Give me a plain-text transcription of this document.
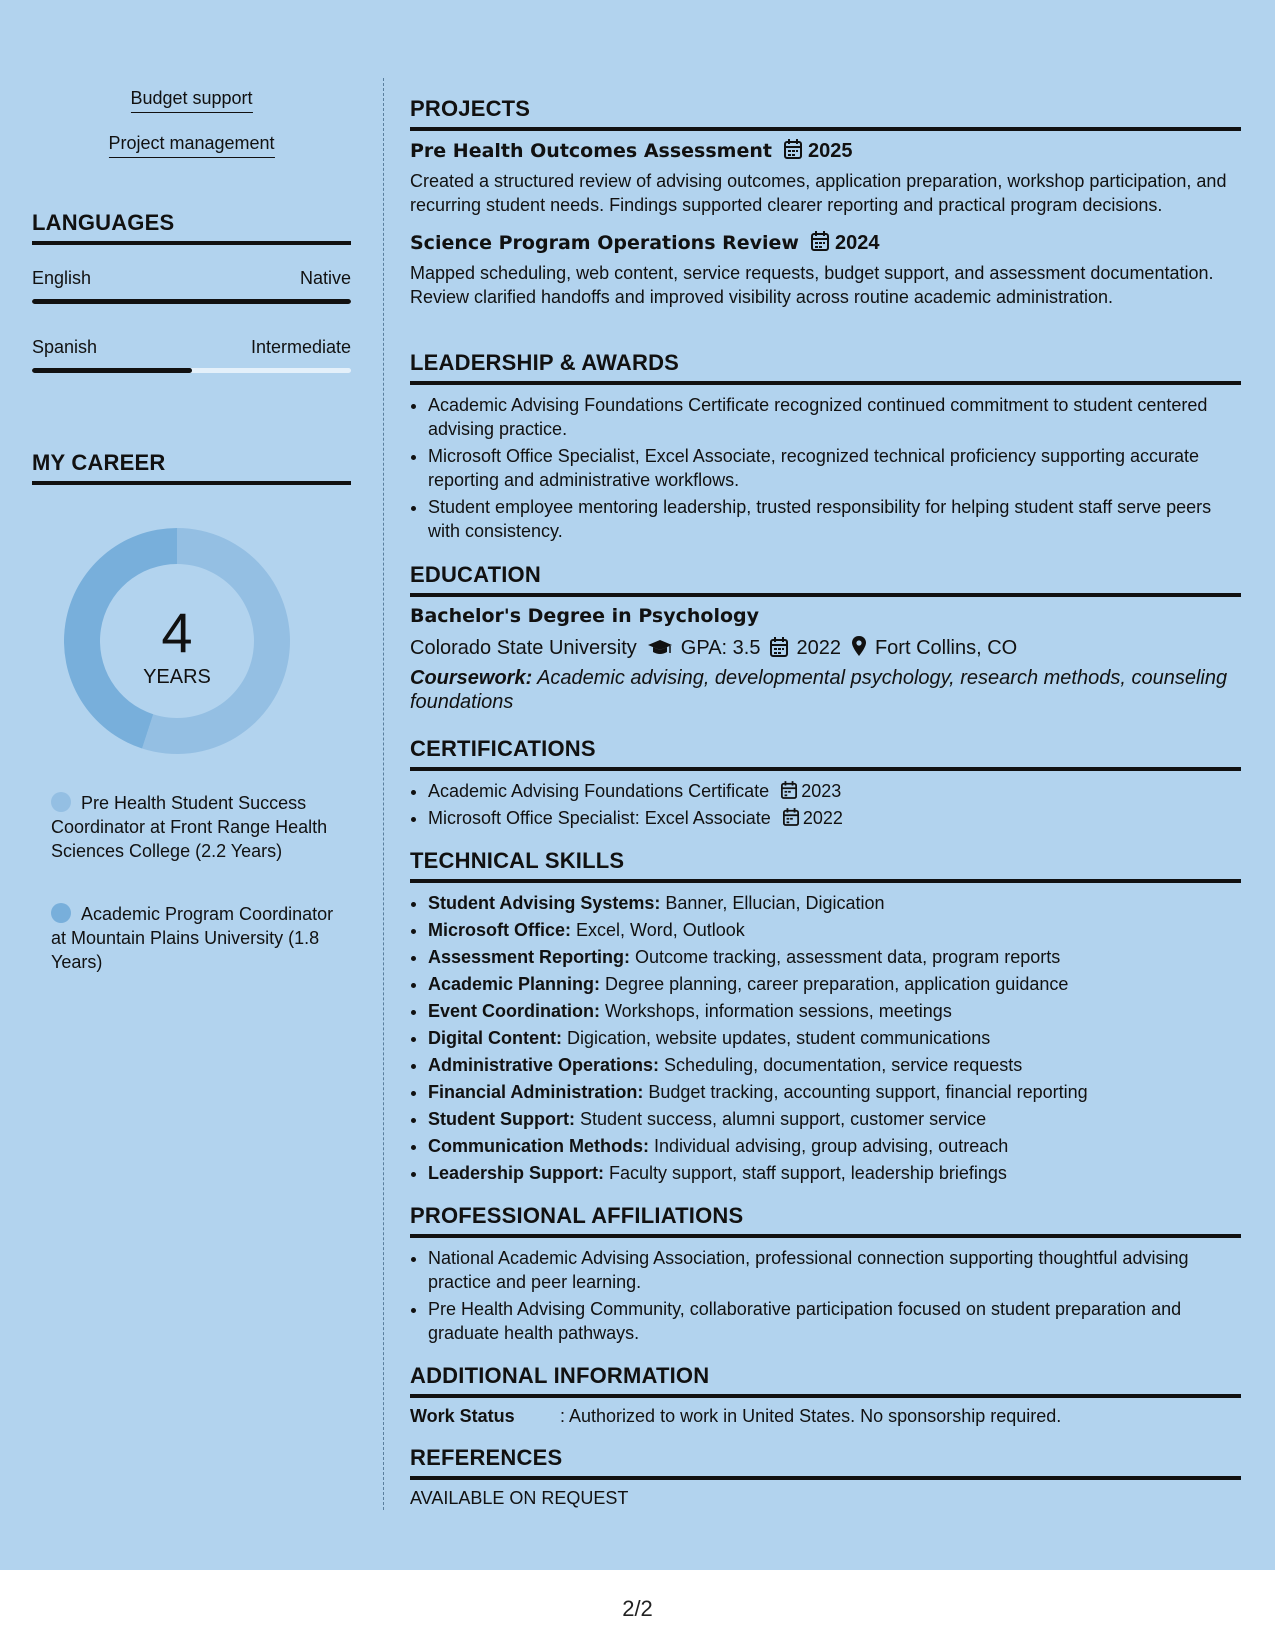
Budget support
Project management
LANGUAGES
English	Native
Spanish	Intermediate
MY CAREER
4
YEARS
Pre Health Student Success Coordinator at Front Range Health Sciences College (2.2 Years)
Academic Program Coordinator at Mountain Plains University (1.8 Years)
PROJECTS
Pre Health Outcomes Assessment 2025
Created a structured review of advising outcomes, application preparation, workshop participation, and recurring student needs. Findings supported clearer reporting and practical program decisions.
Science Program Operations Review 2024
Mapped scheduling, web content, service requests, budget support, and assessment documentation. Review clarified handoffs and improved visibility across routine academic administration.
LEADERSHIP & AWARDS
• Academic Advising Foundations Certificate recognized continued commitment to student centered advising practice.
• Microsoft Office Specialist, Excel Associate, recognized technical proficiency supporting accurate reporting and administrative workflows.
• Student employee mentoring leadership, trusted responsibility for helping student staff serve peers with consistency.
EDUCATION
Bachelor's Degree in Psychology
Colorado State University GPA: 3.5 2022 Fort Collins, CO
Coursework: Academic advising, developmental psychology, research methods, counseling foundations
CERTIFICATIONS
• Academic Advising Foundations Certificate 2023
• Microsoft Office Specialist: Excel Associate 2022
TECHNICAL SKILLS
• Student Advising Systems: Banner, Ellucian, Digication
• Microsoft Office: Excel, Word, Outlook
• Assessment Reporting: Outcome tracking, assessment data, program reports
• Academic Planning: Degree planning, career preparation, application guidance
• Event Coordination: Workshops, information sessions, meetings
• Digital Content: Digication, website updates, student communications
• Administrative Operations: Scheduling, documentation, service requests
• Financial Administration: Budget tracking, accounting support, financial reporting
• Student Support: Student success, alumni support, customer service
• Communication Methods: Individual advising, group advising, outreach
• Leadership Support: Faculty support, staff support, leadership briefings
PROFESSIONAL AFFILIATIONS
• National Academic Advising Association, professional connection supporting thoughtful advising practice and peer learning.
• Pre Health Advising Community, collaborative participation focused on student preparation and graduate health pathways.
ADDITIONAL INFORMATION
Work Status	: Authorized to work in United States. No sponsorship required.
REFERENCES
AVAILABLE ON REQUEST
2/2
